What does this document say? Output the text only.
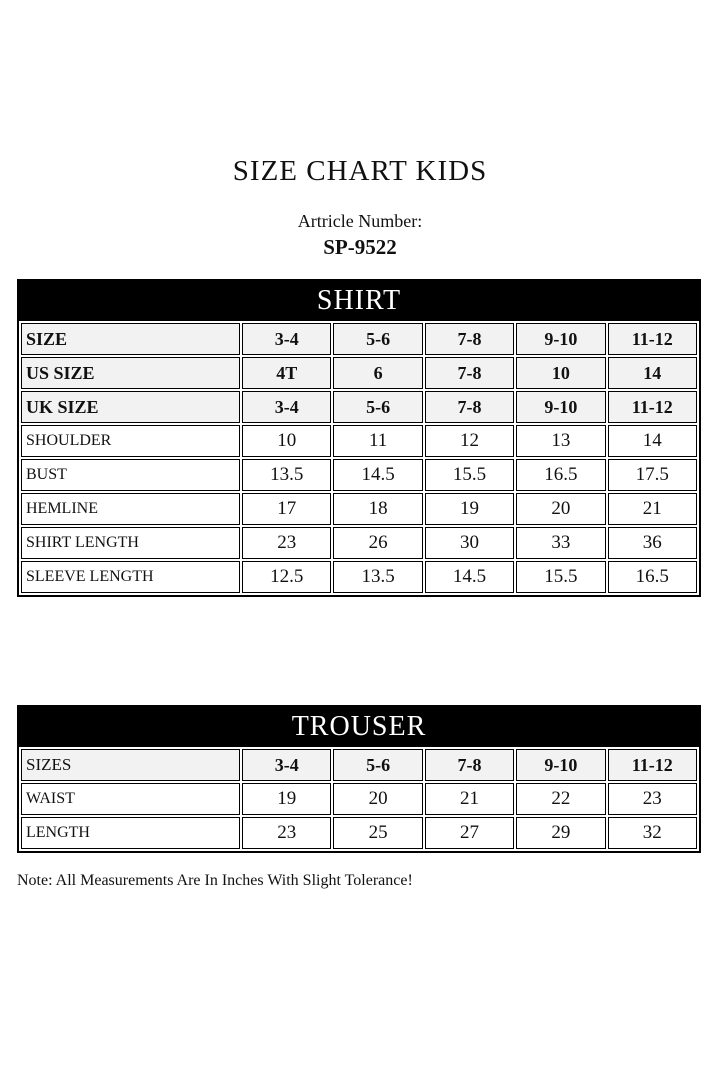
SIZE CHART KIDS
Artricle Number:
SP-9522
SHIRT
SIZE	3-4	5-6	7-8	9-10	11-12
US SIZE	4T	6	7-8	10	14
UK SIZE	3-4	5-6	7-8	9-10	11-12
SHOULDER	10	11	12	13	14
BUST	13.5	14.5	15.5	16.5	17.5
HEMLINE	17	18	19	20	21
SHIRT LENGTH	23	26	30	33	36
SLEEVE LENGTH	12.5	13.5	14.5	15.5	16.5
TROUSER
SIZES	3-4	5-6	7-8	9-10	11-12
WAIST	19	20	21	22	23
LENGTH	23	25	27	29	32
Note: All Measurements Are In Inches With Slight Tolerance!
